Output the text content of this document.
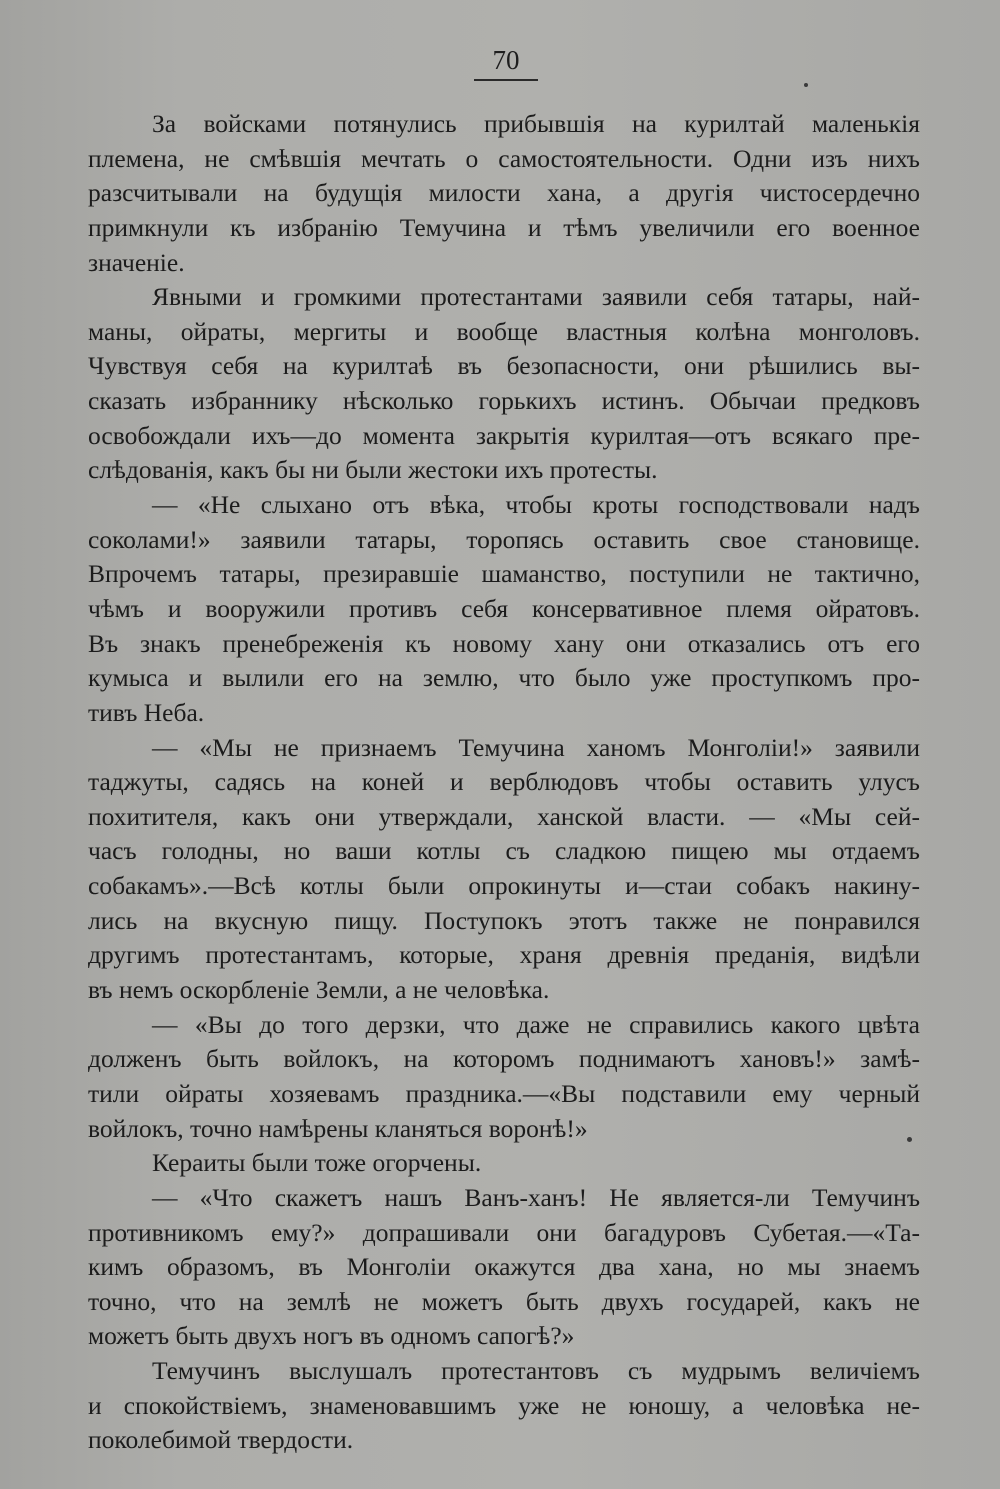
70
За войсками потянулись прибывшія на курилтай маленькія
племена, не смѣвшія мечтать о самостоятельности. Одни изъ нихъ
разсчитывали на будущія милости хана, а другія чистосердечно
примкнули къ избранію Темучина и тѣмъ увеличили его военное
значеніе.
Явными и громкими протестантами заявили себя татары, най-
маны, ойраты, мергиты и вообще властныя колѣна монголовъ.
Чувствуя себя на курилтаѣ въ безопасности, они рѣшились вы-
сказать избраннику нѣсколько горькихъ истинъ. Обычаи предковъ
освобождали ихъ—до момента закрытія курилтая—отъ всякаго пре-
слѣдованія, какъ бы ни были жестоки ихъ протесты.
— «Не слыхано отъ вѣка, чтобы кроты господствовали надъ
соколами!» заявили татары, торопясь оставить свое становище.
Впрочемъ татары, презиравшіе шаманство, поступили не тактично,
чѣмъ и вооружили противъ себя консервативное племя ойратовъ.
Въ знакъ пренебреженія къ новому хану они отказались отъ его
кумыса и вылили его на землю, что было уже проступкомъ про-
тивъ Неба.
— «Мы не признаемъ Темучина ханомъ Монголіи!» заявили
таджуты, садясь на коней и верблюдовъ чтобы оставить улусъ
похитителя, какъ они утверждали, ханской власти. — «Мы сей-
часъ голодны, но ваши котлы съ сладкою пищею мы отдаемъ
собакамъ».—Всѣ котлы были опрокинуты и—стаи собакъ накину-
лись на вкусную пищу. Поступокъ этотъ также не понравился
другимъ протестантамъ, которые, храня древнія преданія, видѣли
въ немъ оскорбленіе Земли, а не человѣка.
— «Вы до того дерзки, что даже не справились какого цвѣта
долженъ быть войлокъ, на которомъ поднимаютъ хановъ!» замѣ-
тили ойраты хозяевамъ праздника.—«Вы подставили ему черный
войлокъ, точно намѣрены кланяться воронѣ!»
Кераиты были тоже огорчены.
— «Что скажетъ нашъ Ванъ-ханъ! Не является-ли Темучинъ
противникомъ ему?» допрашивали они багадуровъ Субетая.—«Та-
кимъ образомъ, въ Монголіи окажутся два хана, но мы знаемъ
точно, что на землѣ не можетъ быть двухъ государей, какъ не
можетъ быть двухъ ногъ въ одномъ сапогѣ?»
Темучинъ выслушалъ протестантовъ съ мудрымъ величіемъ
и спокойствіемъ, знаменовавшимъ уже не юношу, а человѣка не-
поколебимой твердости.
